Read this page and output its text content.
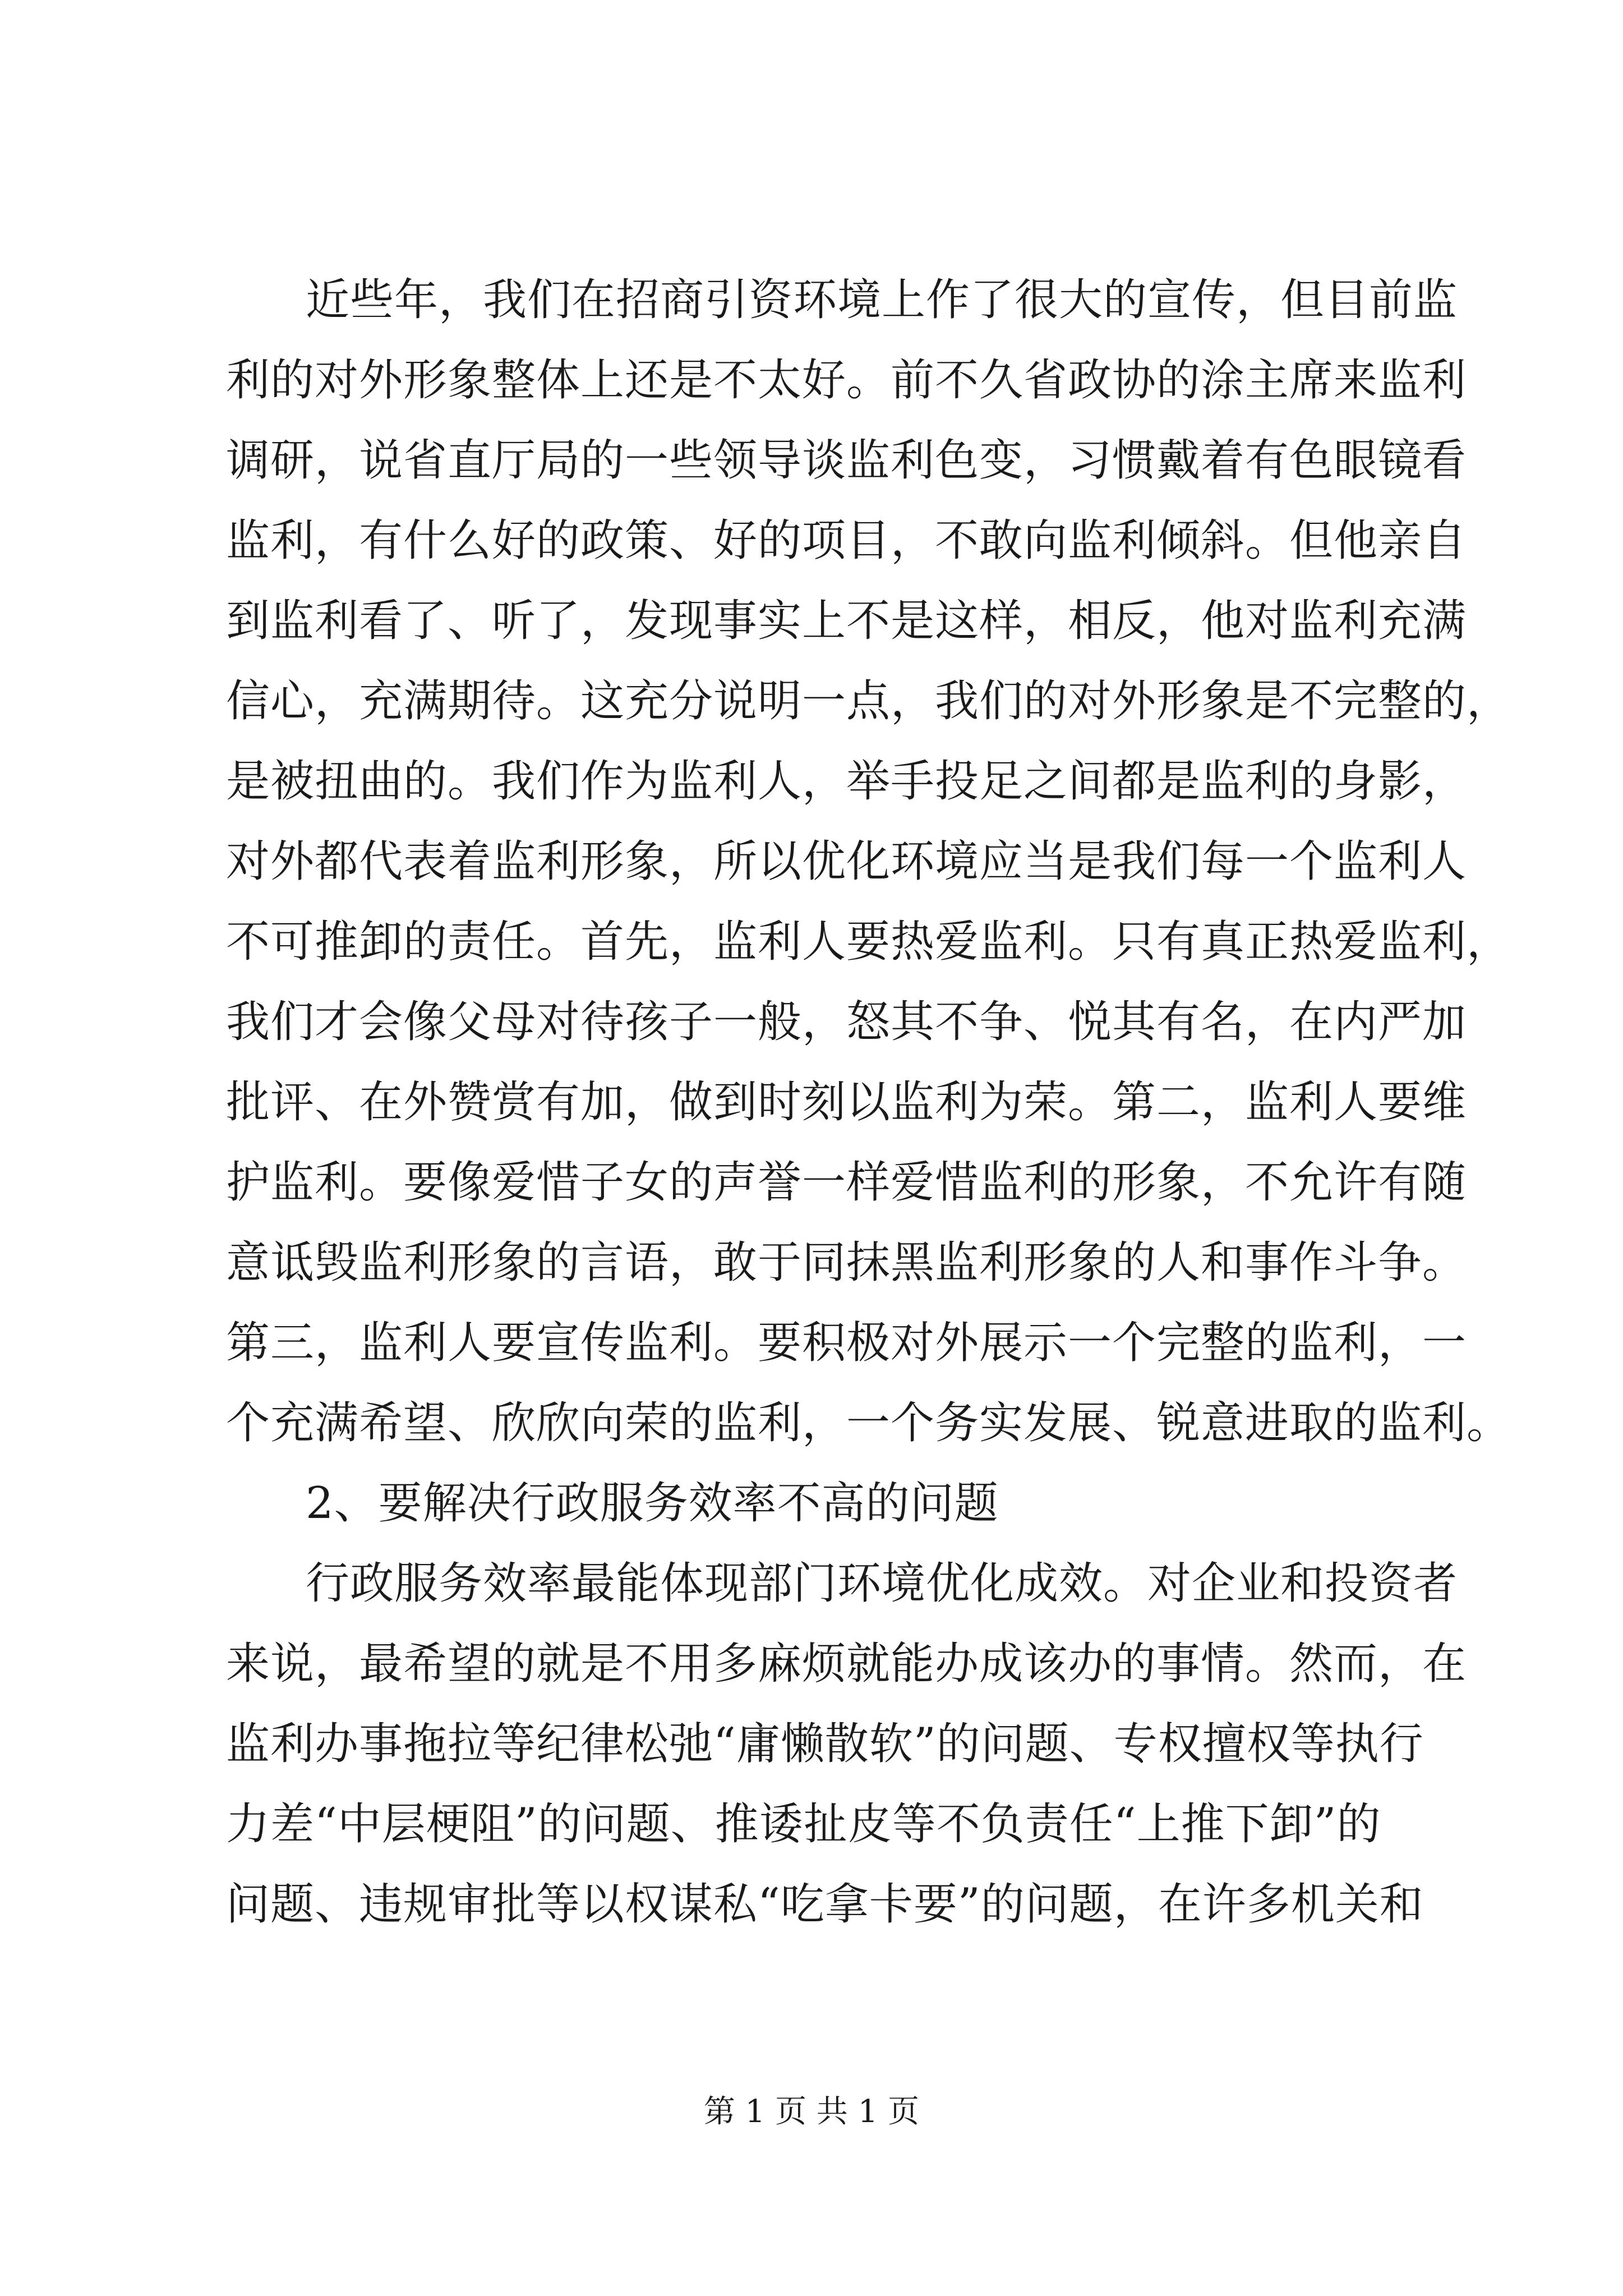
近些年，我们在招商引资环境上作了很大的宣传，但目前监
利的对外形象整体上还是不太好。前不久省政协的涂主席来监利
调研，说省直厅局的一些领导谈监利色变，习惯戴着有色眼镜看
监利，有什么好的政策、好的项目，不敢向监利倾斜。但他亲自
到监利看了、听了，发现事实上不是这样，相反，他对监利充满
信心，充满期待。这充分说明一点，我们的对外形象是不完整的，
是被扭曲的。我们作为监利人，举手投足之间都是监利的身影，
对外都代表着监利形象，所以优化环境应当是我们每一个监利人
不可推卸的责任。首先，监利人要热爱监利。只有真正热爱监利，
我们才会像父母对待孩子一般，怒其不争、悦其有名，在内严加
批评、在外赞赏有加，做到时刻以监利为荣。第二，监利人要维
护监利。要像爱惜子女的声誉一样爱惜监利的形象，不允许有随
意诋毁监利形象的言语，敢于同抹黑监利形象的人和事作斗争。
第三，监利人要宣传监利。要积极对外展示一个完整的监利，一
个充满希望、欣欣向荣的监利，一个务实发展、锐意进取的监利。
2、要解决行政服务效率不高的问题
行政服务效率最能体现部门环境优化成效。对企业和投资者
来说，最希望的就是不用多麻烦就能办成该办的事情。然而，在
监利办事拖拉等纪律松弛“庸懒散软”的问题、专权擅权等执行
力差“中层梗阻”的问题、推诿扯皮等不负责任“上推下卸”的
问题、违规审批等以权谋私“吃拿卡要”的问题，在许多机关和
第 1 页 共 1 页
